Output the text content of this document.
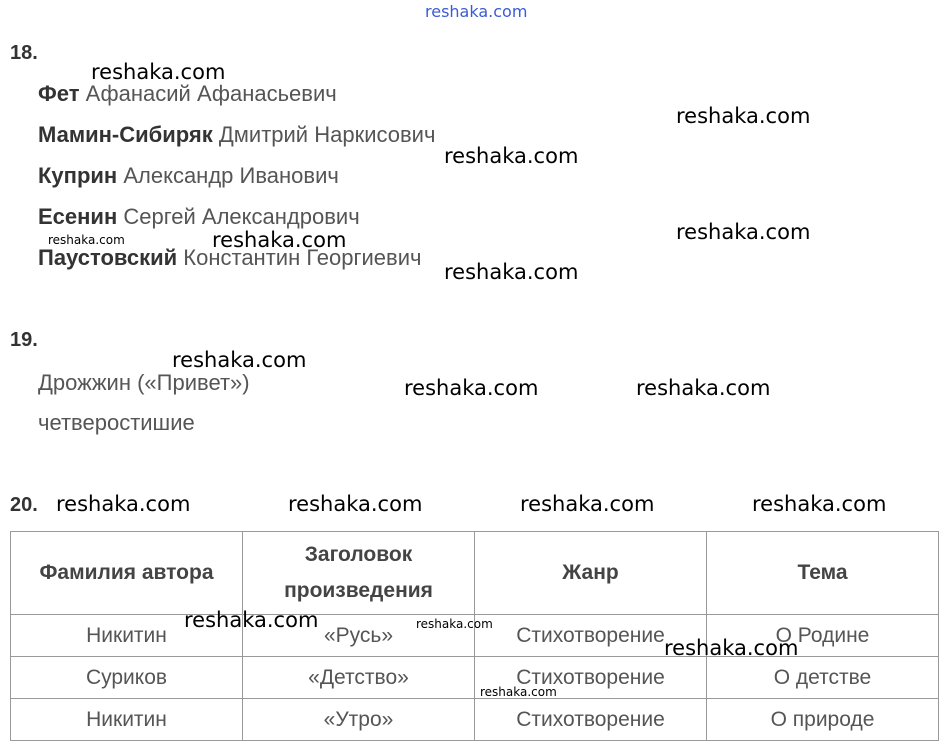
reshaka.com
18.
Фет Афанасий Афанасьевич
Мамин-Сибиряк Дмитрий Наркисович
Куприн Александр Иванович
Есенин Сергей Александрович
Паустовский Константин Георгиевич
19.
Дрожжин («Привет»)
четверостишие
20.
Фамилия автора	Заголовок произведения	Жанр	Тема
Никитин	«Русь»	Стихотворение	О Родине
Суриков	«Детство»	Стихотворение	О детстве
Никитин	«Утро»	Стихотворение	О природе
reshaka.com
reshaka.com
reshaka.com
reshaka.com
reshaka.com	reshaka.com
reshaka.com
reshaka.com
reshaka.com	reshaka.com
reshaka.com	reshaka.com	reshaka.com	reshaka.com
reshaka.com	reshaka.com
reshaka.com
reshaka.com
